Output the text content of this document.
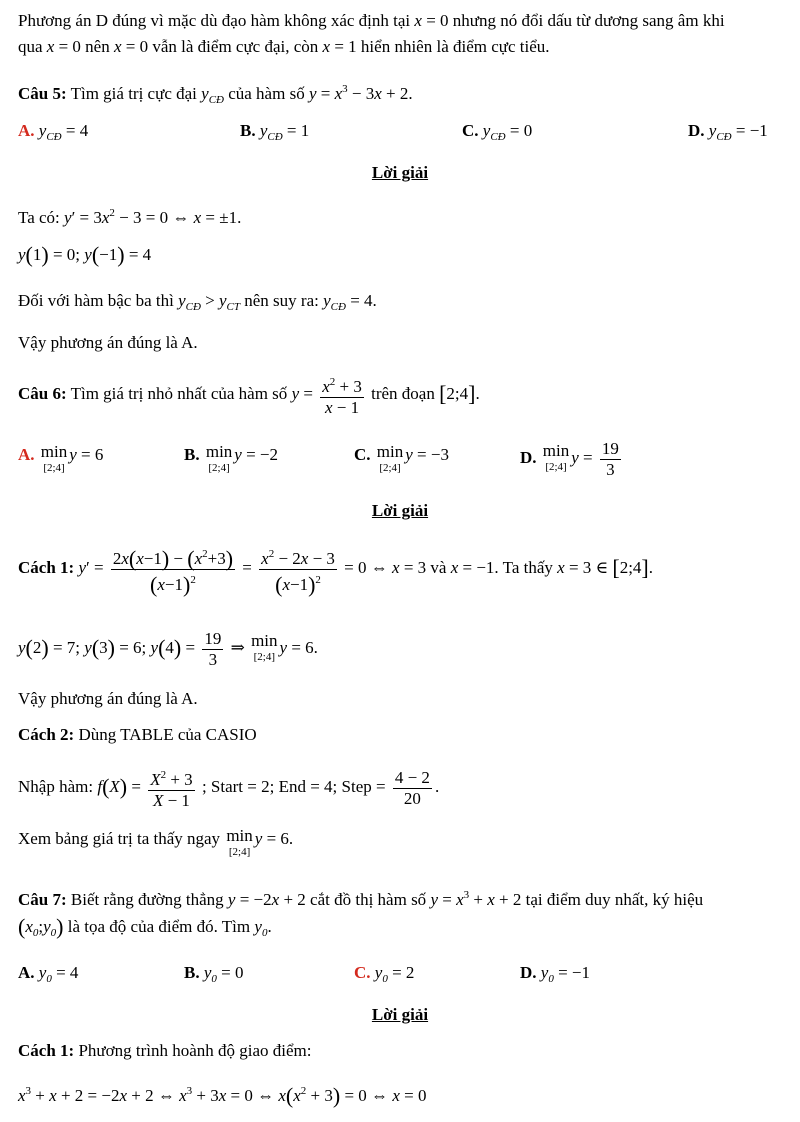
Phương án D đúng vì mặc dù đạo hàm không xác định tại x = 0 nhưng nó đổi dấu từ dương sang âm khi
qua x = 0 nên x = 0 vẫn là điểm cực đại, còn x = 1 hiển nhiên là điểm cực tiểu.
Câu 5: Tìm giá trị cực đại $y_{CĐ}$ của hàm số $y = x^3 - 3x + 2$.
A. $y_{CĐ} = 4$	B. $y_{CĐ} = 1$	C. $y_{CĐ} = 0$	D. $y_{CĐ} = -1$
Lời giải
Ta có: $y' = 3x^2 - 3 = 0$ ⇔ x = ±1.
y(1) = 0; y(−1) = 4
Đối với hàm bậc ba thì $y_{CĐ} > y_{CT}$ nên suy ra: $y_{CĐ} = 4$.
Vậy phương án đúng là A.
Câu 6: Tìm giá trị nhỏ nhất của hàm số $y = \frac{x^2 + 3}{x - 1}$ trên đoạn [2;4].
A. min
[2;4]
y = 6	B. min
[2;4]
y = −2	C. min
[2;4]
y = −3	D. min
[2;4]
$y = \frac{19}{3}$
Lời giải
Cách 1: $y' = \frac{2x(x-1) - (x^2+3)}{(x-1)^2} = \frac{x^2 - 2x - 3}{(x-1)^2} = 0$ ⇔ x = 3 và x = −1. Ta thấy x = 3 ∈ [2;4].
y(2) = 7; y(3) = 6; $y(4) = \frac{19}{3}$ ⇒ min
[2;4]
y = 6.
Vậy phương án đúng là A.
Cách 2: Dùng TABLE của CASIO
Nhập hàm: $f(X) = \frac{X^2 + 3}{X - 1}$ ; Start = 2; End = 4; Step = $\frac{4 - 2}{20}$ .
Xem bảng giá trị ta thấy ngay min
[2;4]
y = 6.
Câu 7: Biết rằng đường thẳng y = −2x + 2 cắt đồ thị hàm số $y = x^3 + x + 2$ tại điểm duy nhất, ký hiệu
$(x_0;y_0)$ là tọa độ của điểm đó. Tìm $y_0$.
A. $y_0 = 4$	B. $y_0 = 0$	C. $y_0 = 2$	D. $y_0 = -1$
Lời giải
Cách 1: Phương trình hoành độ giao điểm:
$x^3 + x + 2 = -2x + 2$ ⇔ $x^3 + 3x = 0$ ⇔ $x(x^2 + 3) = 0$ ⇔ x = 0
